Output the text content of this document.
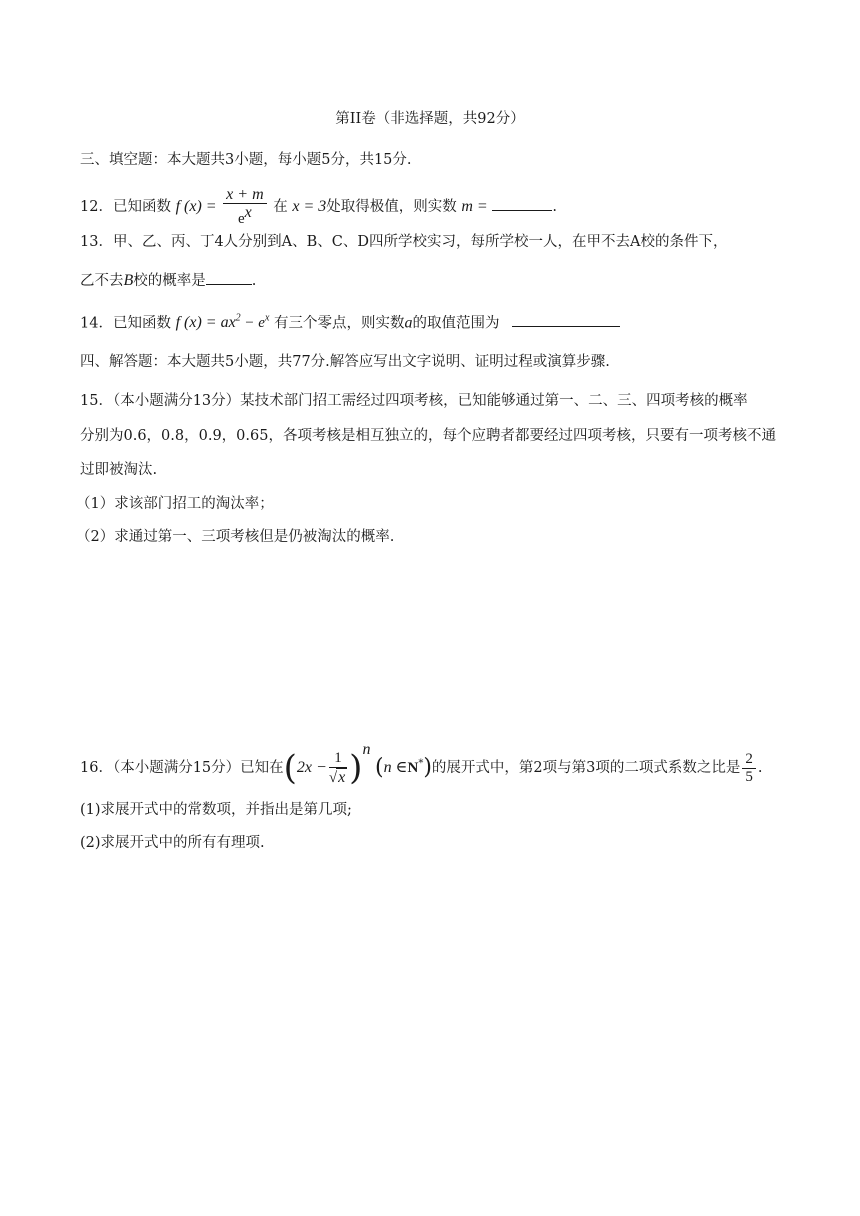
第II卷（非选择题，共92分）
三、填空题：本大题共3小题，每小题5分，共15分.
12．已知函数 f $(x) = \frac{x + m}{e^x}$ 在 x = 3处取得极值，则实数 m =	.
13．甲、乙、丙、丁4人分别到A、B、C、D四所学校实习，每所学校一人，在甲不去A校的条件下，
乙不去B校的概率是	.
14．已知函数 f $(x) = ax^2 - e^x$ 有三个零点，则实数a的取值范围为
四、解答题：本大题共5小题，共77分.解答应写出文字说明、证明过程或演算步骤.
15．（本小题满分13分）某技术部门招工需经过四项考核，已知能够通过第一、二、三、四项考核的概率
分别为0.6，0.8，0.9，0.65，各项考核是相互独立的，每个应聘者都要经过四项考核，只要有一项考核不通
过即被淘汰.
（1）求该部门招工的淘汰率；
（2）求通过第一、三项考核但是仍被淘汰的概率.
16．（本小题满分15分）已知在$(2x - \frac{1}{√x} )^n$ (n ∈N*)的展开式中，第2项与第3项的二项式系数之比是 $\frac{2}{5}$ .
(1)求展开式中的常数项，并指出是第几项;
(2)求展开式中的所有有理项.
